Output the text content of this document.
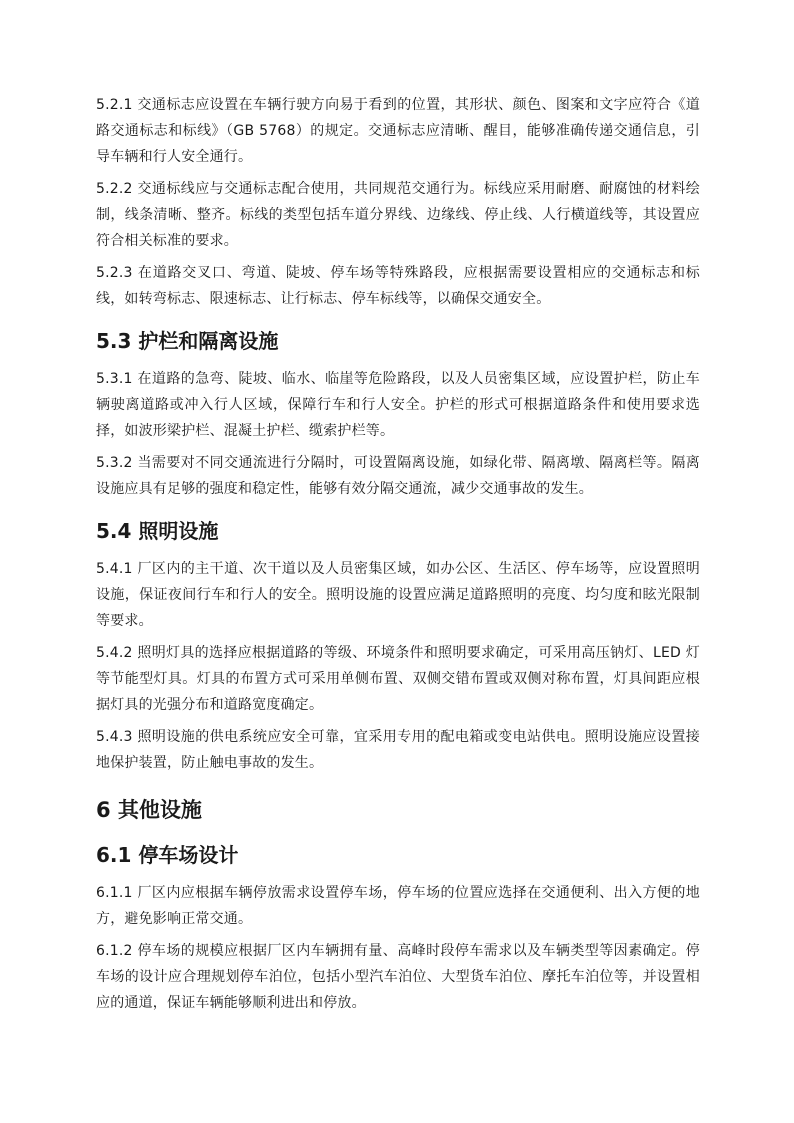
5.2.1 交通标志应设置在车辆行驶方向易于看到的位置，其形状、颜色、图案和文字应符合《道路交通标志和标线》（GB 5768）的规定。交通标志应清晰、醒目，能够准确传递交通信息，引导车辆和行人安全通行。

5.2.2 交通标线应与交通标志配合使用，共同规范交通行为。标线应采用耐磨、耐腐蚀的材料绘制，线条清晰、整齐。标线的类型包括车道分界线、边缘线、停止线、人行横道线等，其设置应符合相关标准的要求。

5.2.3 在道路交叉口、弯道、陡坡、停车场等特殊路段，应根据需要设置相应的交通标志和标线，如转弯标志、限速标志、让行标志、停车标线等，以确保交通安全。

5.3 护栏和隔离设施

5.3.1 在道路的急弯、陡坡、临水、临崖等危险路段，以及人员密集区域，应设置护栏，防止车辆驶离道路或冲入行人区域，保障行车和行人安全。护栏的形式可根据道路条件和使用要求选择，如波形梁护栏、混凝土护栏、缆索护栏等。

5.3.2 当需要对不同交通流进行分隔时，可设置隔离设施，如绿化带、隔离墩、隔离栏等。隔离设施应具有足够的强度和稳定性，能够有效分隔交通流，减少交通事故的发生。

5.4 照明设施

5.4.1 厂区内的主干道、次干道以及人员密集区域，如办公区、生活区、停车场等，应设置照明设施，保证夜间行车和行人的安全。照明设施的设置应满足道路照明的亮度、均匀度和眩光限制等要求。

5.4.2 照明灯具的选择应根据道路的等级、环境条件和照明要求确定，可采用高压钠灯、LED 灯等节能型灯具。灯具的布置方式可采用单侧布置、双侧交错布置或双侧对称布置，灯具间距应根据灯具的光强分布和道路宽度确定。

5.4.3 照明设施的供电系统应安全可靠，宜采用专用的配电箱或变电站供电。照明设施应设置接地保护装置，防止触电事故的发生。

6 其他设施
6.1 停车场设计

6.1.1 厂区内应根据车辆停放需求设置停车场，停车场的位置应选择在交通便利、出入方便的地方，避免影响正常交通。

6.1.2 停车场的规模应根据厂区内车辆拥有量、高峰时段停车需求以及车辆类型等因素确定。停车场的设计应合理规划停车泊位，包括小型汽车泊位、大型货车泊位、摩托车泊位等，并设置相应的通道，保证车辆能够顺利进出和停放。
